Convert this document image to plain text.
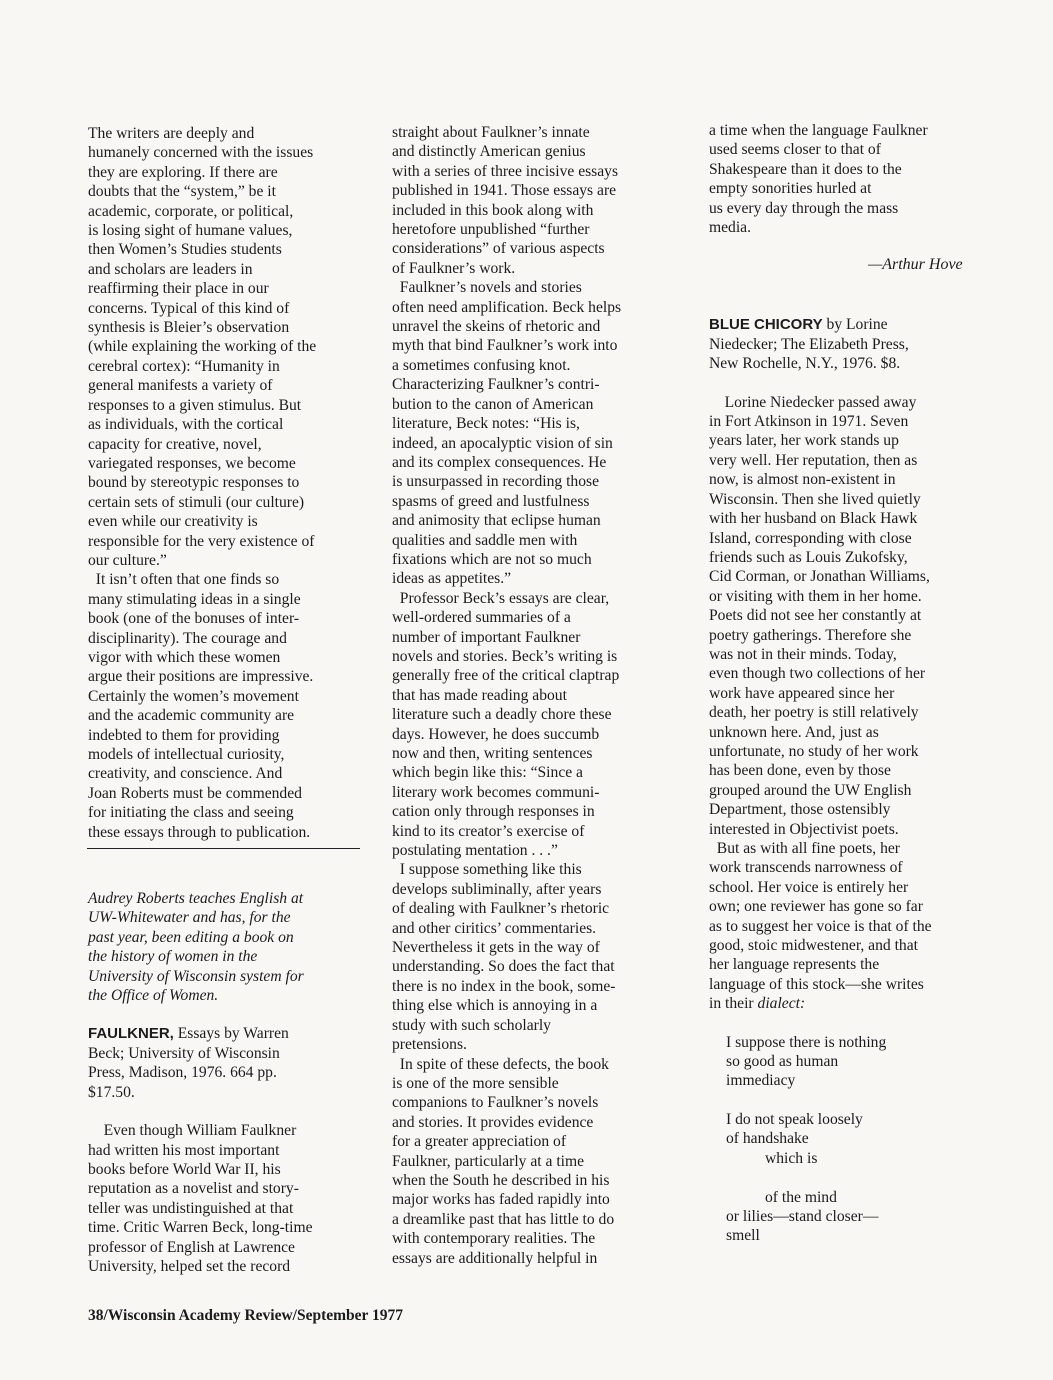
The writers are deeply and
humanely concerned with the issues
they are exploring. If there are
doubts that the “system,” be it
academic, corporate, or political,
is losing sight of humane values,
then Women’s Studies students
and scholars are leaders in
reaffirming their place in our
concerns. Typical of this kind of
synthesis is Bleier’s observation
(while explaining the working of the
cerebral cortex): “Humanity in
general manifests a variety of
responses to a given stimulus. But
as individuals, with the cortical
capacity for creative, novel,
variegated responses, we become
bound by stereotypic responses to
certain sets of stimuli (our culture)
even while our creativity is
responsible for the very existence of
our culture.”
It isn’t often that one finds so
many stimulating ideas in a single
book (one of the bonuses of inter-
disciplinarity). The courage and
vigor with which these women
argue their positions are impressive.
Certainly the women’s movement
and the academic community are
indebted to them for providing
models of intellectual curiosity,
creativity, and conscience. And
Joan Roberts must be commended
for initiating the class and seeing
these essays through to publication.
Audrey Roberts teaches English at
UW-Whitewater and has, for the
past year, been editing a book on
the history of women in the
University of Wisconsin system for
the Office of Women.
FAULKNER, Essays by Warren
Beck; University of Wisconsin
Press, Madison, 1976. 664 pp.
$17.50.
Even though William Faulkner
had written his most important
books before World War II, his
reputation as a novelist and story-
teller was undistinguished at that
time. Critic Warren Beck, long-time
professor of English at Lawrence
University, helped set the record
straight about Faulkner’s innate
and distinctly American genius
with a series of three incisive essays
published in 1941. Those essays are
included in this book along with
heretofore unpublished “further
considerations” of various aspects
of Faulkner’s work.
Faulkner’s novels and stories
often need amplification. Beck helps
unravel the skeins of rhetoric and
myth that bind Faulkner’s work into
a sometimes confusing knot.
Characterizing Faulkner’s contri-
bution to the canon of American
literature, Beck notes: “His is,
indeed, an apocalyptic vision of sin
and its complex consequences. He
is unsurpassed in recording those
spasms of greed and lustfulness
and animosity that eclipse human
qualities and saddle men with
fixations which are not so much
ideas as appetites.”
Professor Beck’s essays are clear,
well-ordered summaries of a
number of important Faulkner
novels and stories. Beck’s writing is
generally free of the critical claptrap
that has made reading about
literature such a deadly chore these
days. However, he does succumb
now and then, writing sentences
which begin like this: “Since a
literary work becomes communi-
cation only through responses in
kind to its creator’s exercise of
postulating mentation . . .”
I suppose something like this
develops subliminally, after years
of dealing with Faulkner’s rhetoric
and other ciritics’ commentaries.
Nevertheless it gets in the way of
understanding. So does the fact that
there is no index in the book, some-
thing else which is annoying in a
study with such scholarly
pretensions.
In spite of these defects, the book
is one of the more sensible
companions to Faulkner’s novels
and stories. It provides evidence
for a greater appreciation of
Faulkner, particularly at a time
when the South he described in his
major works has faded rapidly into
a dreamlike past that has little to do
with contemporary realities. The
essays are additionally helpful in
a time when the language Faulkner
used seems closer to that of
Shakespeare than it does to the
empty sonorities hurled at
us every day through the mass
media.
BLUE CHICORY by Lorine
Niedecker; The Elizabeth Press,
New Rochelle, N.Y., 1976. $8.
Lorine Niedecker passed away
in Fort Atkinson in 1971. Seven
years later, her work stands up
very well. Her reputation, then as
now, is almost non-existent in
Wisconsin. Then she lived quietly
with her husband on Black Hawk
Island, corresponding with close
friends such as Louis Zukofsky,
Cid Corman, or Jonathan Williams,
or visiting with them in her home.
Poets did not see her constantly at
poetry gatherings. Therefore she
was not in their minds. Today,
even though two collections of her
work have appeared since her
death, her poetry is still relatively
unknown here. And, just as
unfortunate, no study of her work
has been done, even by those
grouped around the UW English
Department, those ostensibly
interested in Objectivist poets.
But as with all fine poets, her
work transcends narrowness of
school. Her voice is entirely her
own; one reviewer has gone so far
as to suggest her voice is that of the
good, stoic midwestener, and that
her language represents the
language of this stock—she writes
in their dialect:
I suppose there is nothing
so good as human
immediacy
I do not speak loosely
of handshake
which is

of the mind
or lilies—stand closer—
smell
—Arthur Hove
38/Wisconsin Academy Review/September 1977
